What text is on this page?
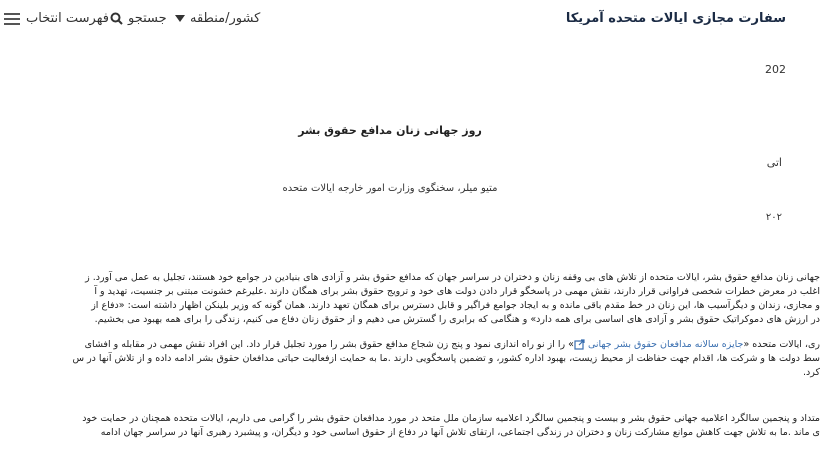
فهرست انتخاب جستجو کشور/منطقه	سفارت مجازی ایالات متحده آمریکا
202
روز جهانی زنان مدافع حقوق بشر
اتی
متیو میلر، سخنگوی وزارت امور خارجه ایالات متحده
۲۰۲
جهانی زنان مدافع حقوق بشر، ایالات متحده از تلاش های بی وقفه زنان و دختران در سراسر جهان که مدافع حقوق بشر و آزادی های بنیادین در جوامع خود هستند، تجلیل به عمل می آورد. ز
اغلب در معرض خطرات شخصی فراوانی قرار دارند، نقش مهمی در پاسخگو قرار دادن دولت های خود و ترویج حقوق بشر برای همگان دارند .علیرغم خشونت مبتنی بر جنسیت، تهدید و آ
و مجازی، زندان و دیگرآسیب ها، این زنان در خط مقدم باقی مانده و به ایجاد جوامع فراگیر و قابل دسترس برای همگان تعهد دارند. همان گونه که وزیر بلینکن اظهار داشته است: «دفاع از
در ارزش های دموکراتیک حقوق بشر و آزادی های اساسی برای همه دارد» و هنگامی که برابری را گسترش می دهیم و از حقوق زنان دفاع می کنیم، زندگی را برای همه بهبود می بخشیم.
ری، ایالات متحده «جایزه سالانه مدافعان حقوق بشر جهانی » را از نو راه اندازی نمود و پنج زن شجاع مدافع حقوق بشر را مورد تجلیل قرار داد. این افراد نقش مهمی در مقابله و افشای
سط دولت ها و شرکت ها، اقدام جهت حفاظت از محیط زیست، بهبود اداره کشور، و تضمین پاسخگویی دارند .ما به حمایت ازفعالیت حیاتی مدافعان حقوق بشر ادامه داده و از تلاش آنها در س
کرد.
متداد و پنجمین سالگرد اعلامیه جهانی حقوق بشر و بیست و پنجمین سالگرد اعلامیه سازمان ملل متحد در مورد مدافعان حقوق بشر را گرامی می داریم، ایالات متحده همچنان در حمایت خود
ی ماند .ما به تلاش جهت کاهش موانع مشارکت زنان و دختران در زندگی اجتماعی، ارتقای تلاش آنها در دفاع از حقوق اساسی خود و دیگران، و پیشبرد رهبری آنها در سراسر جهان ادامه
